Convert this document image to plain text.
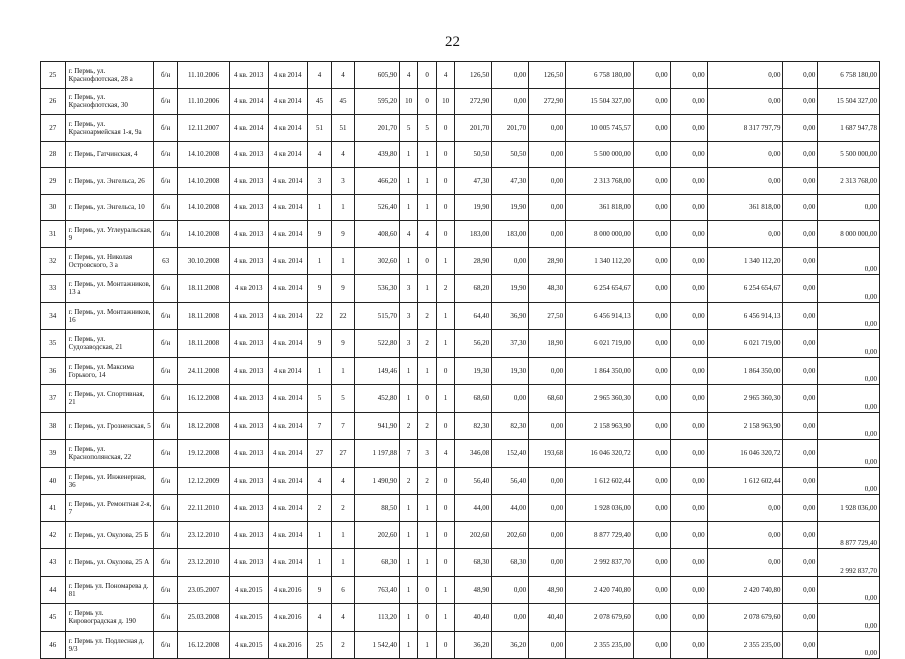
22
25	г. Пермь, ул. Краснофлотская, 28 а	б/н	11.10.2006	4 кв. 2013	4 кв 2014	4	4	605,90	4	0	4	126,50	0,00	126,50	6 758 180,00	0,00	0,00	0,00	0,00	6 758 180,00
26	г. Пермь, ул. Краснофлотская, 30	б/н	11.10.2006	4 кв. 2014	4 кв 2014	45	45	595,20	10	0	10	272,90	0,00	272,90	15 504 327,00	0,00	0,00	0,00	0,00	15 504 327,00
27	г. Пермь, ул. Красноармейская 1-я, 9а	б/н	12.11.2007	4 кв. 2014	4 кв 2014	51	51	201,70	5	5	0	201,70	201,70	0,00	10 005 745,57	0,00	0,00	8 317 797,79	0,00	1 687 947,78
28	г. Пермь, Гатчинская, 4	б/н	14.10.2008	4 кв. 2013	4 кв 2014	4	4	439,80	1	1	0	50,50	50,50	0,00	5 500 000,00	0,00	0,00	0,00	0,00	5 500 000,00
29	г. Пермь, ул. Энгельса, 26	б/н	14.10.2008	4 кв. 2013	4 кв. 2014	3	3	466,20	1	1	0	47,30	47,30	0,00	2 313 768,00	0,00	0,00	0,00	0,00	2 313 768,00
30	г. Пермь, ул. Энгельса, 10	б/н	14.10.2008	4 кв. 2013	4 кв. 2014	1	1	526,40	1	1	0	19,90	19,90	0,00	361 818,00	0,00	0,00	361 818,00	0,00	0,00
31	г. Пермь, ул. Углеуральская, 9	б/н	14.10.2008	4 кв. 2013	4 кв. 2014	9	9	408,60	4	4	0	183,00	183,00	0,00	8 000 000,00	0,00	0,00	0,00	0,00	8 000 000,00
32	г. Пермь, ул. Николая Островского, 3 а	63	30.10.2008	4 кв. 2013	4 кв. 2014	1	1	302,60	1	0	1	28,90	0,00	28,90	1 340 112,20	0,00	0,00	1 340 112,20	0,00	0,00
33	г. Пермь, ул. Монтажников, 13 а	б/н	18.11.2008	4 кв 2013	4 кв. 2014	9	9	536,30	3	1	2	68,20	19,90	48,30	6 254 654,67	0,00	0,00	6 254 654,67	0,00	0,00
34	г. Пермь, ул. Монтажников, 16	б/н	18.11.2008	4 кв. 2013	4 кв. 2014	22	22	515,70	3	2	1	64,40	36,90	27,50	6 456 914,13	0,00	0,00	6 456 914,13	0,00	0,00
35	г. Пермь, ул. Судозаводская, 21	б/н	18.11.2008	4 кв. 2013	4 кв. 2014	9	9	522,80	3	2	1	56,20	37,30	18,90	6 021 719,00	0,00	0,00	6 021 719,00	0,00	0,00
36	г. Пермь, ул. Максима Горького, 14	б/н	24.11.2008	4 кв. 2013	4 кв 2014	1	1	149,46	1	1	0	19,30	19,30	0,00	1 864 350,00	0,00	0,00	1 864 350,00	0,00	0,00
37	г. Пермь, ул. Спортивная, 21	б/н	16.12.2008	4 кв. 2013	4 кв. 2014	5	5	452,80	1	0	1	68,60	0,00	68,60	2 965 360,30	0,00	0,00	2 965 360,30	0,00	0,00
38	г. Пермь, ул. Грозненская, 5	б/н	18.12.2008	4 кв. 2013	4 кв. 2014	7	7	941,90	2	2	0	82,30	82,30	0,00	2 158 963,90	0,00	0,00	2 158 963,90	0,00	0,00
39	г. Пермь, ул. Краснополянская, 22	б/н	19.12.2008	4 кв. 2013	4 кв. 2014	27	27	1 197,88	7	3	4	346,08	152,40	193,68	16 046 320,72	0,00	0,00	16 046 320,72	0,00	0,00
40	г. Пермь, ул. Инженерная, 36	б/н	12.12.2009	4 кв. 2013	4 кв. 2014	4	4	1 490,90	2	2	0	56,40	56,40	0,00	1 612 602,44	0,00	0,00	1 612 602,44	0,00	0,00
41	г. Пермь, ул. Ремонтная 2-я, 7	б/н	22.11.2010	4 кв. 2013	4 кв. 2014	2	2	88,50	1	1	0	44,00	44,00	0,00	1 928 036,00	0,00	0,00	0,00	0,00	1 928 036,00
42	г. Пермь, ул. Окулова, 25 Б	б/н	23.12.2010	4 кв. 2013	4 кв. 2014	1	1	202,60	1	1	0	202,60	202,60	0,00	8 877 729,40	0,00	0,00	0,00	0,00	8 877 729,40
43	г. Пермь, ул. Окулова, 25 А	б/н	23.12.2010	4 кв. 2013	4 кв. 2014	1	1	68,30	1	1	0	68,30	68,30	0,00	2 992 837,70	0,00	0,00	0,00	0,00	2 992 837,70
44	г. Пермь ул. Пономарева д. 81	б/н	23.05.2007	4 кв.2015	4 кв.2016	9	6	763,40	1	0	1	48,90	0,00	48,90	2 420 740,80	0,00	0,00	2 420 740,80	0,00	0,00
45	г. Пермь ул. Кировоградская д. 190	б/н	25.03.2008	4 кв.2015	4 кв.2016	4	4	113,20	1	0	1	40,40	0,00	40,40	2 078 679,60	0,00	0,00	2 078 679,60	0,00	0,00
46	г. Пермь ул. Подлесная д. 9/3	б/н	16.12.2008	4 кв.2015	4 кв.2016	25	2	1 542,40	1	1	0	36,20	36,20	0,00	2 355 235,00	0,00	0,00	2 355 235,00	0,00	0,00
